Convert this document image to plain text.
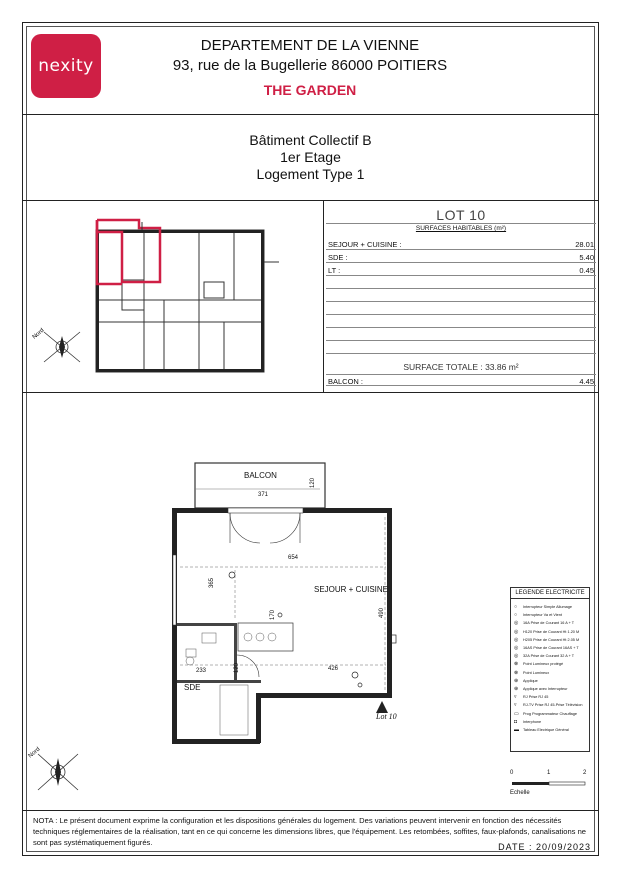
nexity
DEPARTEMENT DE LA VIENNE
93, rue de la Bugellerie 86000 POITIERS
THE GARDEN
Bâtiment Collectif B
1er Etage
Logement Type 1
Nord
LOT 10
SURFACES HABITABLES (m²)
SEJOUR + CUISINE :	28.01
SDE :	5.40
LT :	0.45
SURFACE TOTALE : 33.86 m²
BALCON :	4.45
BALCON
SEJOUR + CUISINE
SDE
Lot 10
371
120
654
365
490
426
170
120
233
Nord
LEGENDE ELECTRICITE
○	Interrupteur Simple Allumage
○	Interrupteur Va et Vient
◎	16A Prise de Courant 16 A + T
◎	H120 Prise de Courant Ht 1.20 M
◎	H205 Prise de Courant Ht 2.05 M
◎	16AS Prise de Courant 16AS + T
◎	32A Prise de Courant 32 A + T
⊗	Point Lumineux protégé
⊗	Point Lumineux
⊕	Applique
⊕	Applique avec Interrupteur
▿	RJ Prise RJ 45
▿	RJ-TV Prise RJ 45-Prise Télévision
▭	Prog Programmateur Chauffage
◘	Interphone
▬	Tableau Electrique Général
0	1	2
Echelle
NOTA : Le présent document exprime la configuration et les dispositions générales du logement. Des variations peuvent intervenir en fonction des nécessités techniques réglementaires de la réalisation, tant en ce qui concerne les dimensions libres, que l'équipement. Les retombées, soffites, faux-plafonds, canalisations ne sont pas systématiquement figurés.	DATE : 20/09/2023
